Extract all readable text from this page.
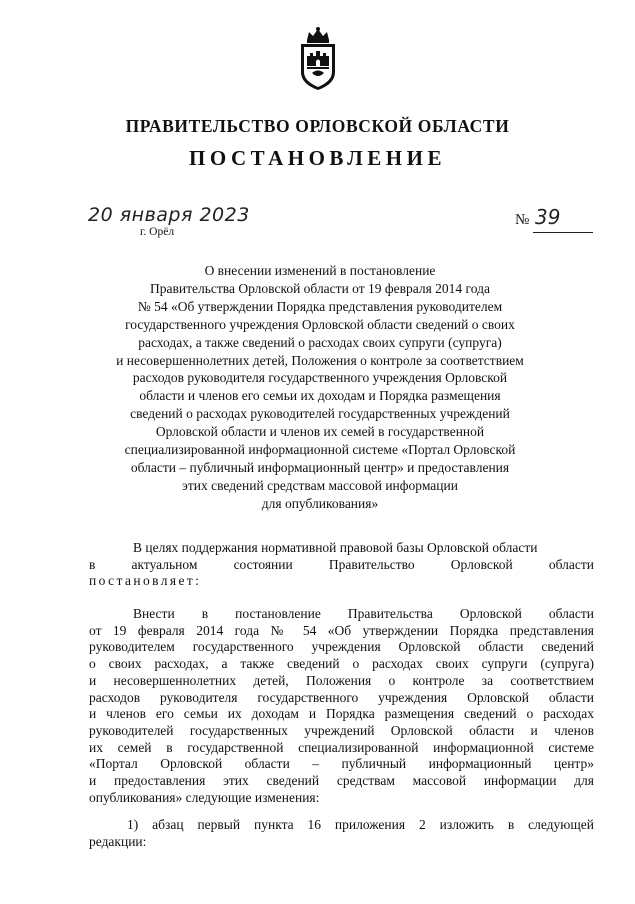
ПРАВИТЕЛЬСТВО ОРЛОВСКОЙ ОБЛАСТИ
ПОСТАНОВЛЕНИЕ
20 января 2023
г. Орёл
№ 39
О внесении изменений в постановление
Правительства Орловской области от 19 февраля 2014 года
№ 54 «Об утверждении Порядка представления руководителем
государственного учреждения Орловской области сведений о своих
расходах, а также сведений о расходах своих супруги (супруга)
и несовершеннолетних детей, Положения о контроле за соответствием
расходов руководителя государственного учреждения Орловской
области и членов его семьи их доходам и Порядка размещения
сведений о расходах руководителей государственных учреждений
Орловской области и членов их семей в государственной
специализированной информационной системе «Портал Орловской
области – публичный информационный центр» и предоставления
этих сведений средствам массовой информации
для опубликования»
В целях поддержания нормативной правовой базы Орловской области
в актуальном состоянии Правительство Орловской области
постановляет:
Внести в постановление Правительства Орловской области
от 19 февраля 2014 года № 54 «Об утверждении Порядка представления
руководителем государственного учреждения Орловской области сведений
о своих расходах, а также сведений о расходах своих супруги (супруга)
и несовершеннолетних детей, Положения о контроле за соответствием
расходов руководителя государственного учреждения Орловской области
и членов его семьи их доходам и Порядка размещения сведений о расходах
руководителей государственных учреждений Орловской области и членов
их семей в государственной специализированной информационной системе
«Портал Орловской области – публичный информационный центр»
и предоставления этих сведений средствам массовой информации для
опубликования» следующие изменения:
1) абзац первый пункта 16 приложения 2 изложить в следующей
редакции:
